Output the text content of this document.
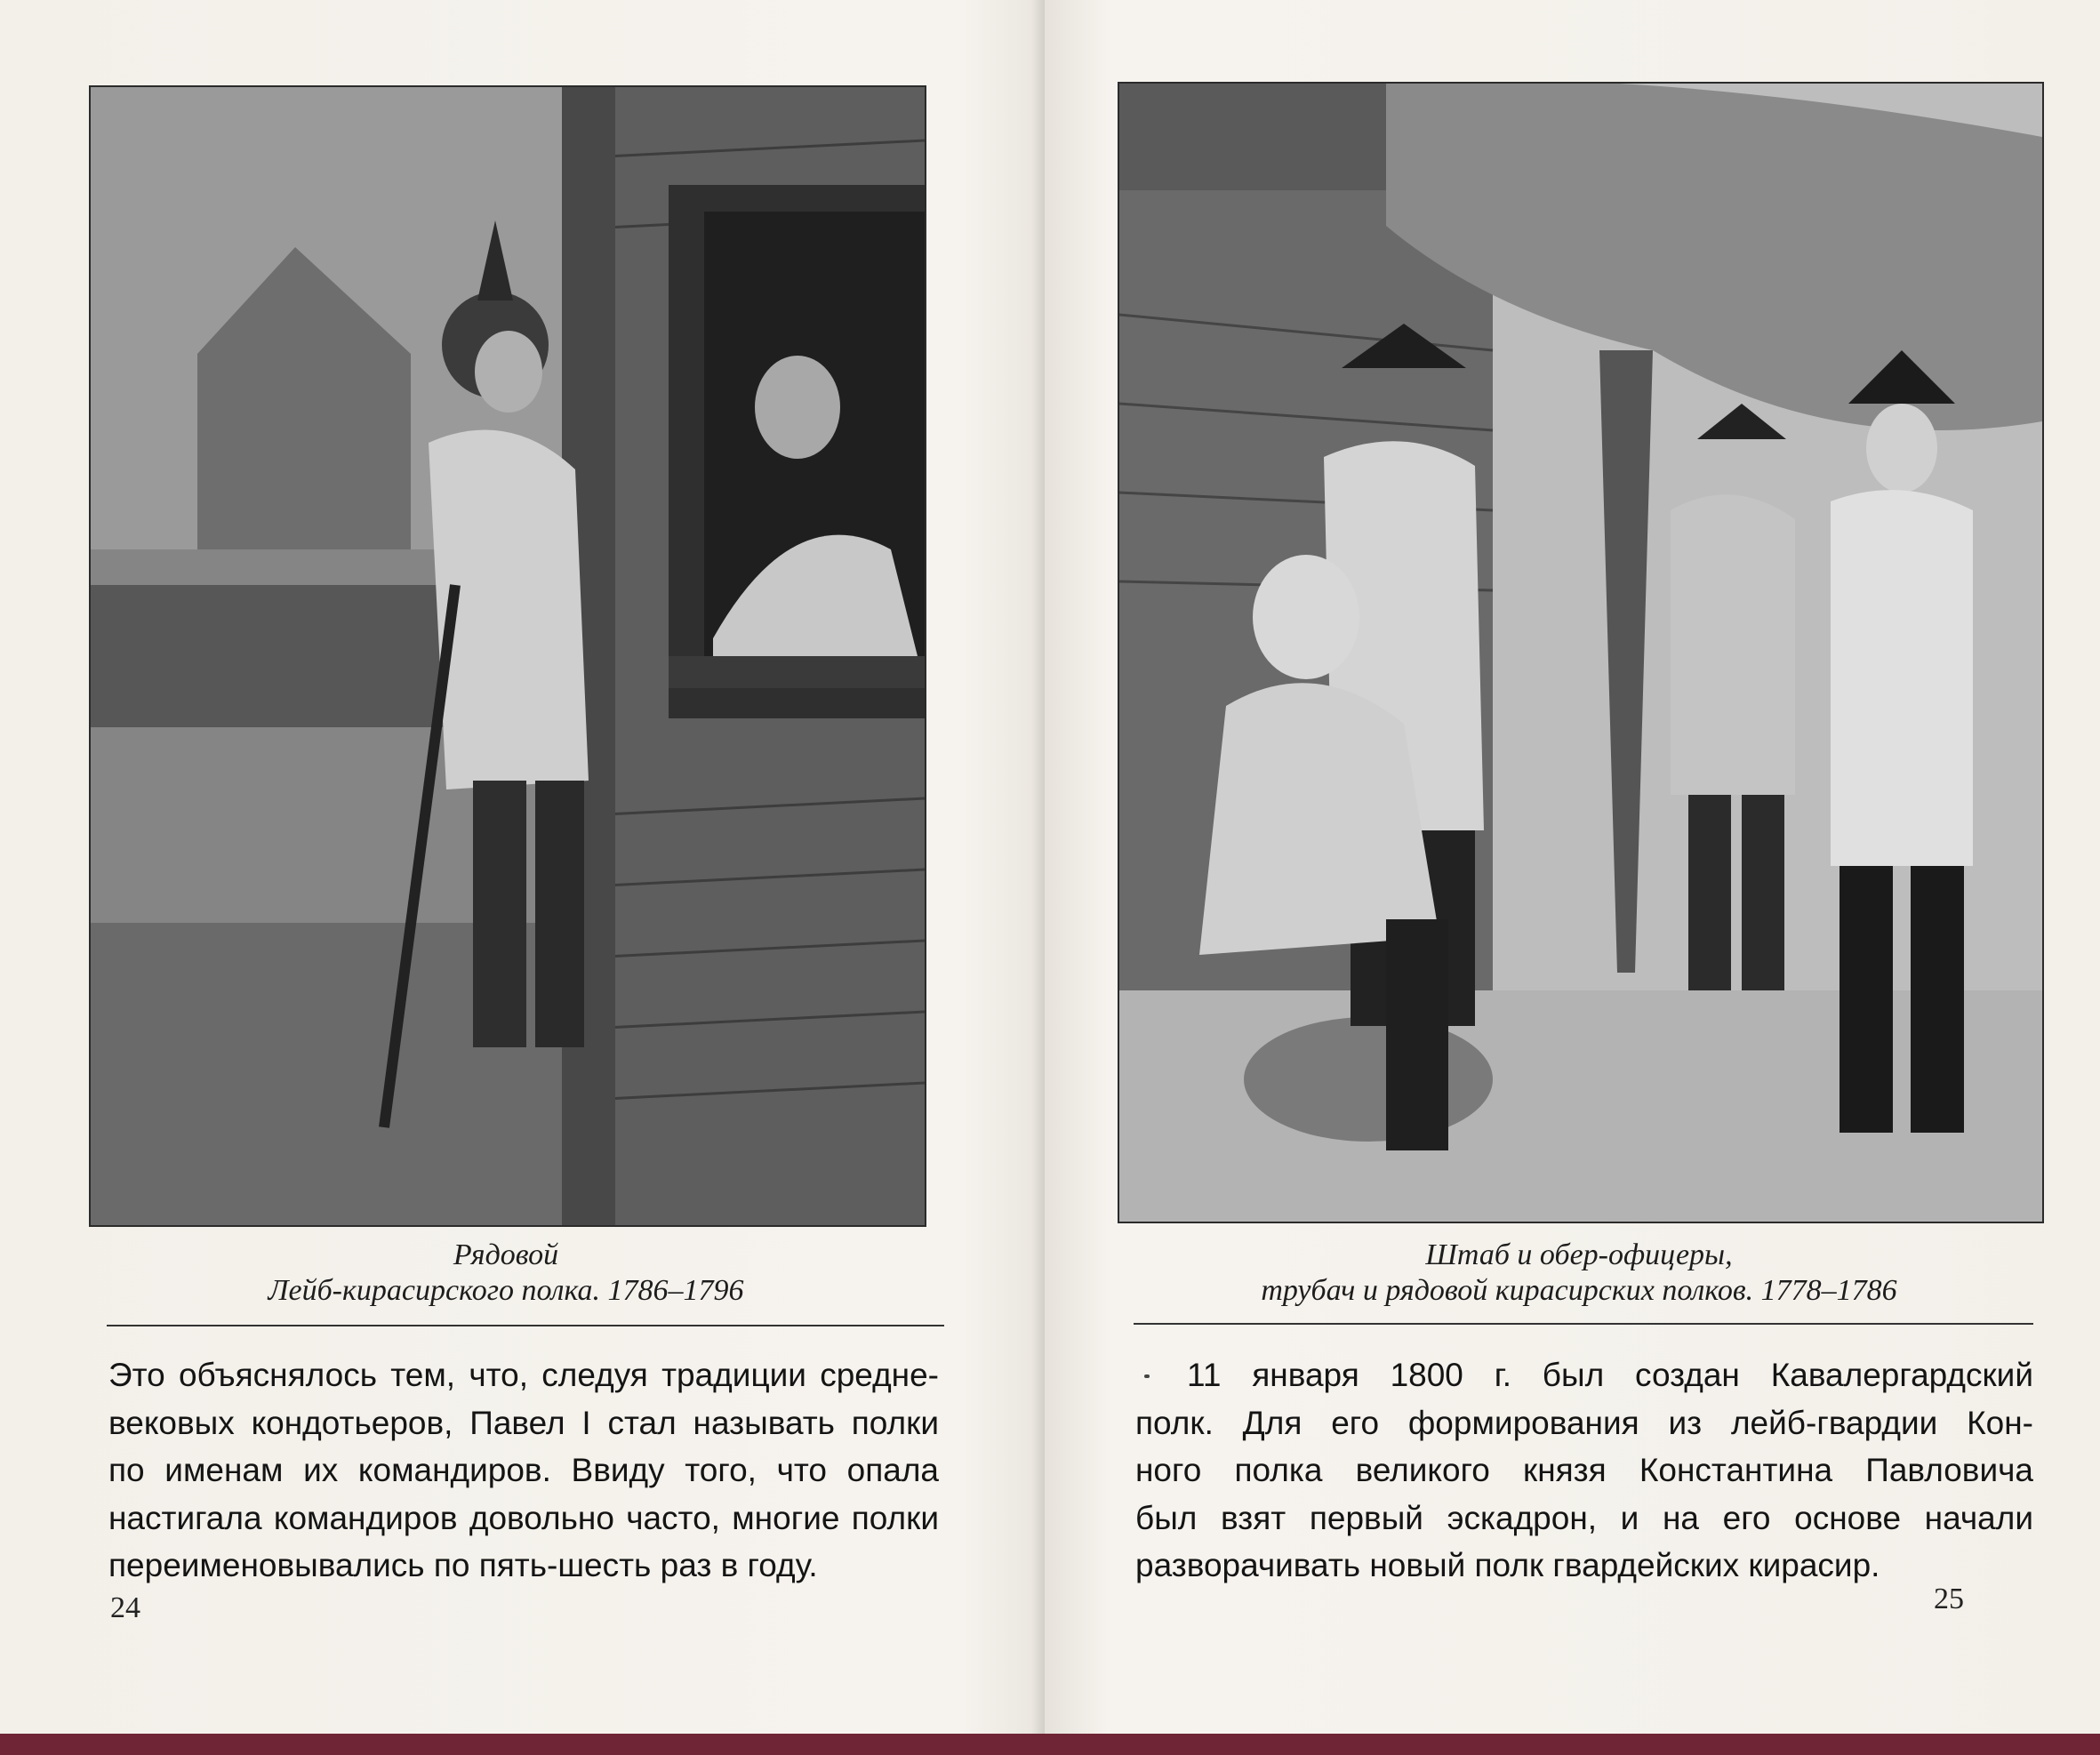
Рядовой
Лейб-кирасирского полка. 1786–1796
Это объяснялось тем, что, следуя традиции средне-
вековых кондотьеров, Павел I стал называть полки
по именам их командиров. Ввиду того, что опала
настигала командиров довольно часто, многие полки
переименовывались по пять-шесть раз в году.
24
Штаб и обер-офицеры,
трубач и рядовой кирасирских полков. 1778–1786
11 января 1800 г. был создан Кавалергардский
полк. Для его формирования из лейб-гвардии Кон-
ного полка великого князя Константина Павловича
был взят первый эскадрон, и на его основе начали
разворачивать новый полк гвардейских кирасир.
25
